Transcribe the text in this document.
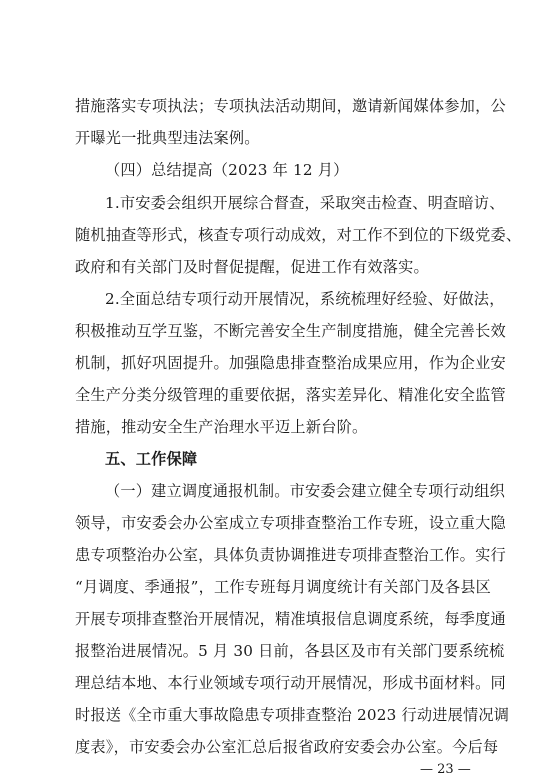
措施落实专项执法；专项执法活动期间，邀请新闻媒体参加，公
开曝光一批典型违法案例。
（四）总结提高（2023 年 12 月）
1.市安委会组织开展综合督查，采取突击检查、明查暗访、
随机抽查等形式，核查专项行动成效，对工作不到位的下级党委、
政府和有关部门及时督促提醒，促进工作有效落实。
2.全面总结专项行动开展情况，系统梳理好经验、好做法，
积极推动互学互鉴，不断完善安全生产制度措施，健全完善长效
机制，抓好巩固提升。加强隐患排查整治成果应用，作为企业安
全生产分类分级管理的重要依据，落实差异化、精准化安全监管
措施，推动安全生产治理水平迈上新台阶。
五、工作保障
（一）建立调度通报机制。市安委会建立健全专项行动组织
领导，市安委会办公室成立专项排查整治工作专班，设立重大隐
患专项整治办公室，具体负责协调推进专项排查整治工作。实行
“月调度、季通报”，工作专班每月调度统计有关部门及各县区
开展专项排查整治开展情况，精准填报信息调度系统，每季度通
报整治进展情况。5 月 30 日前，各县区及市有关部门要系统梳
理总结本地、本行业领域专项行动开展情况，形成书面材料。同
时报送《全市重大事故隐患专项排查整治 2023 行动进展情况调
度表》，市安委会办公室汇总后报省政府安委会办公室。今后每
— 23 —
